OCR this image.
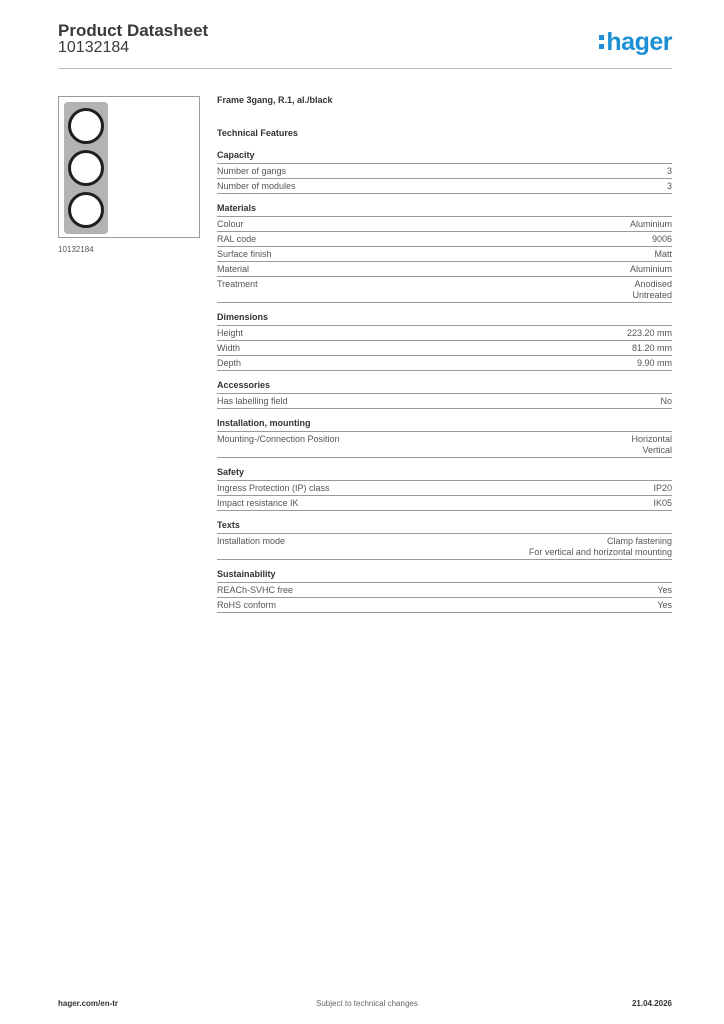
Product Datasheet
10132184	hager
10132184
Frame 3gang, R.1, al./black
Technical Features
Capacity
Number of gangs	3
Number of modules	3
Materials
Colour	Aluminium
RAL code	9006
Surface finish	Matt
Material	Aluminium
Treatment	Anodised
Untreated
Dimensions
Height	223.20 mm
Width	81.20 mm
Depth	9.90 mm
Accessories
Has labelling field	No
Installation, mounting
Mounting-/Connection Position	Horizontal
Vertical
Safety
Ingress Protection (IP) class	IP20
Impact resistance IK	IK05
Texts
Installation mode	Clamp fastening
For vertical and horizontal mounting
Sustainability
REACh-SVHC free	Yes
RoHS conform	Yes
hager.com/en-tr	Subject to technical changes	21.04.2026
